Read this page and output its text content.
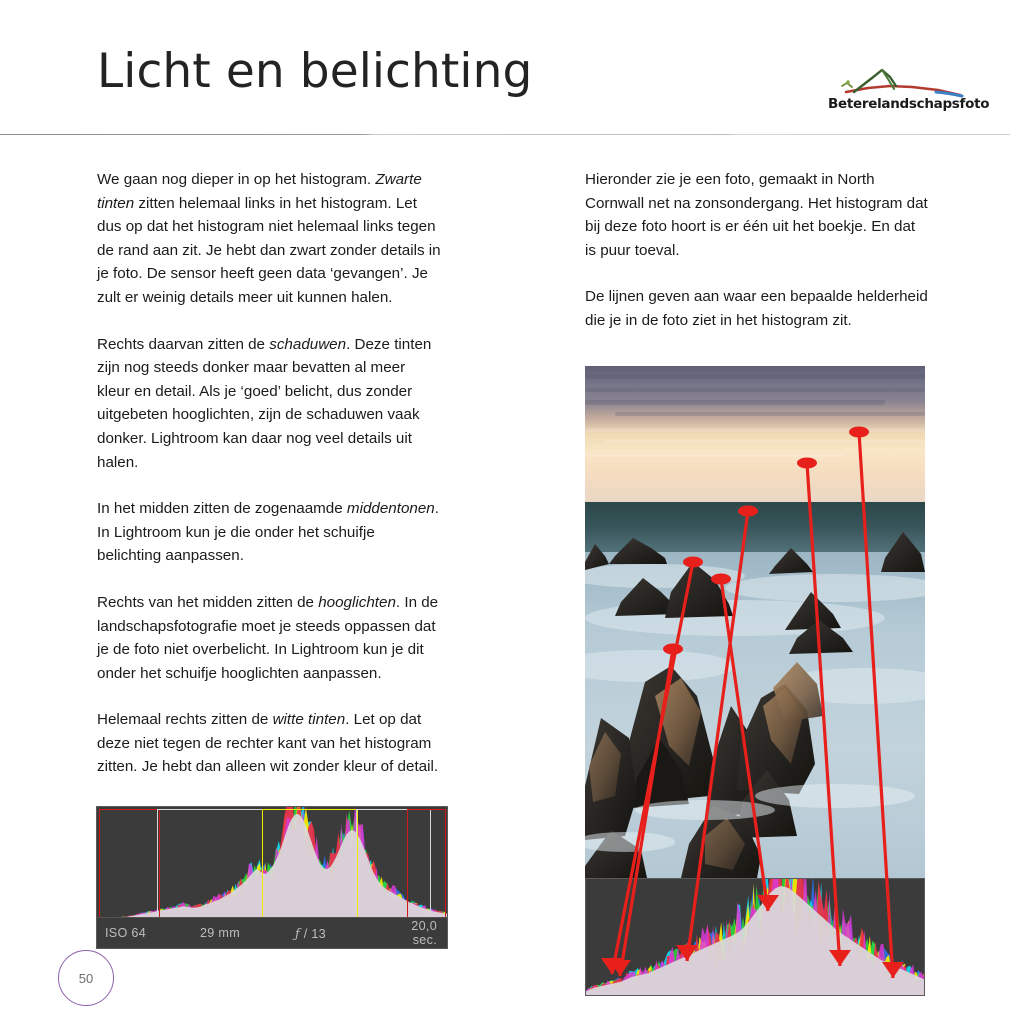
Licht en belichting
Beterelandschapsfoto

We gaan nog dieper in op het histogram. Zwarte tinten zitten helemaal links in het histogram. Let dus op dat het histogram niet helemaal links tegen de rand aan zit. Je hebt dan zwart zonder details in je foto. De sensor heeft geen data ‘gevangen’. Je zult er weinig details meer uit kunnen halen.

Rechts daarvan zitten de schaduwen. Deze tinten zijn nog steeds donker maar bevatten al meer kleur en detail. Als je ‘goed’ belicht, dus zonder uitgebeten hooglichten, zijn de schaduwen vaak donker. Lightroom kan daar nog veel details uit halen.

In het midden zitten de zogenaamde middentonen. In Lightroom kun je die onder het schuifje belichting aanpassen.

Rechts van het midden zitten de hooglichten. In de landschapsfotografie moet je steeds oppassen dat je de foto niet overbelicht. In Lightroom kun je dit onder het schuifje hooglichten aanpassen.

Helemaal rechts zitten de witte tinten. Let op dat deze niet tegen de rechter kant van het histogram zitten. Je hebt dan alleen wit zonder kleur of detail.

Hieronder zie je een foto, gemaakt in North Cornwall net na zonsondergang. Het histogram dat bij deze foto hoort is er één uit het boekje. En dat is puur toeval.

De lijnen geven aan waar een bepaalde helderheid die je in de foto ziet in het histogram zit.

ISO 64	29 mm	ƒ / 13
20,0 sec.
50
